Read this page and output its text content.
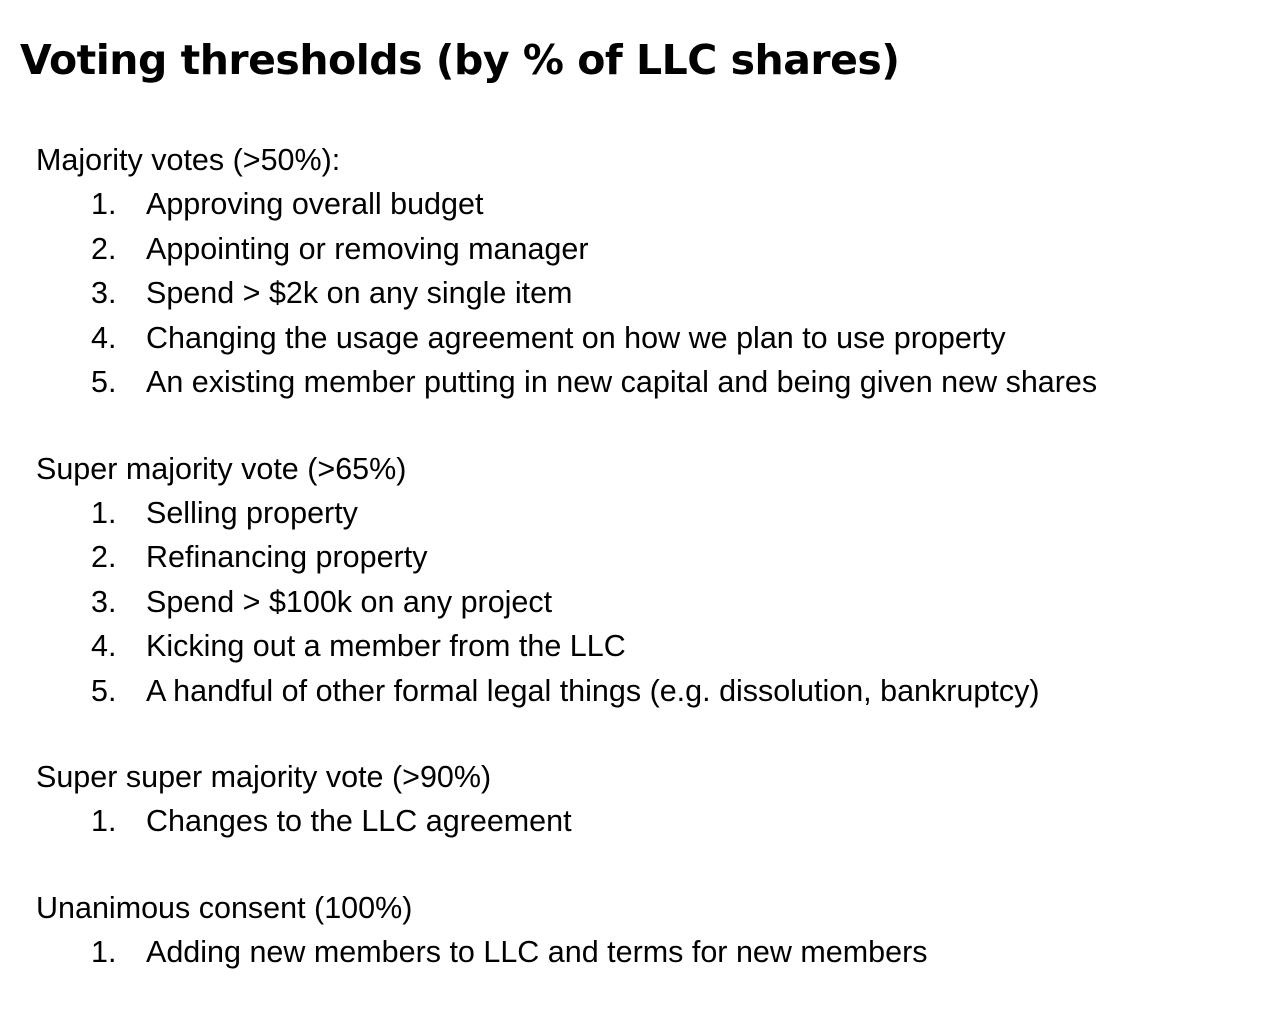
Voting thresholds (by % of LLC shares)

Majority votes (>50%):

1. Approving overall budget
2. Appointing or removing manager
3. Spend > $2k on any single item
4. Changing the usage agreement on how we plan to use property
5. An existing member putting in new capital and being given new shares

Super majority vote (>65%)

1. Selling property
2. Refinancing property
3. Spend > $100k on any project
4. Kicking out a member from the LLC
5. A handful of other formal legal things (e.g. dissolution, bankruptcy)

Super super majority vote (>90%)

1. Changes to the LLC agreement

Unanimous consent (100%)

1. Adding new members to LLC and terms for new members
